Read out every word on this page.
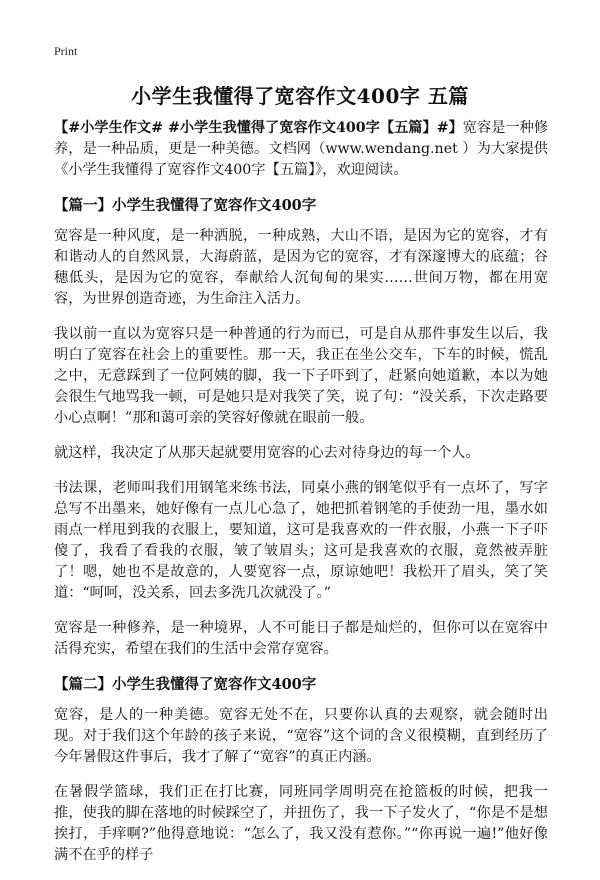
Print
小学生我懂得了宽容作文400字 五篇

【#小学生作文# #小学生我懂得了宽容作文400字【五篇】#】宽容是一种修养，是一种品质，更是一种美德。文档网（www.wendang.net ）为大家提供《小学生我懂得了宽容作文400字【五篇】》，欢迎阅读。

【篇一】小学生我懂得了宽容作文400字

宽容是一种风度，是一种洒脱，一种成熟，大山不语，是因为它的宽容，才有和谐动人的自然风景，大海蔚蓝，是因为它的宽容，才有深邃博大的底蕴；谷穗低头，是因为它的宽容，奉献给人沉甸甸的果实……世间万物，都在用宽容，为世界创造奇迹，为生命注入活力。

我以前一直以为宽容只是一种普通的行为而已，可是自从那件事发生以后，我明白了宽容在社会上的重要性。那一天，我正在坐公交车，下车的时候，慌乱之中，无意踩到了一位阿姨的脚，我一下子吓到了，赶紧向她道歉，本以为她会很生气地骂我一顿，可是她只是对我笑了笑，说了句：“没关系，下次走路要小心点啊！”那和蔼可亲的笑容好像就在眼前一般。

就这样，我决定了从那天起就要用宽容的心去对待身边的每一个人。

书法课，老师叫我们用钢笔来练书法，同桌小燕的钢笔似乎有一点坏了，写字总写不出墨来，她好像有一点儿心急了，她把抓着钢笔的手使劲一甩，墨水如雨点一样甩到我的衣服上，要知道，这可是我喜欢的一件衣服，小燕一下子吓傻了，我看了看我的衣服，皱了皱眉头；这可是我喜欢的衣服，竟然被弄脏了！嗯，她也不是故意的，人要宽容一点，原谅她吧！我松开了眉头，笑了笑道：“呵呵，没关系，回去多洗几次就没了。”

宽容是一种修养，是一种境界，人不可能日子都是灿烂的，但你可以在宽容中活得充实，希望在我们的生活中会常存宽容。

【篇二】小学生我懂得了宽容作文400字

宽容，是人的一种美德。宽容无处不在，只要你认真的去观察，就会随时出现。对于我们这个年龄的孩子来说，“宽容”这个词的含义很模糊，直到经历了今年暑假这件事后，我才了解了“宽容”的真正内涵。

在暑假学篮球，我们正在打比赛，同班同学周明亮在抢篮板的时候，把我一推，使我的脚在落地的时候踩空了，并扭伤了，我一下子发火了，“你是不是想挨打，手痒啊?”他得意地说：“怎么了，我又没有惹你。”“你再说一遍!”他好像满不在乎的样子
